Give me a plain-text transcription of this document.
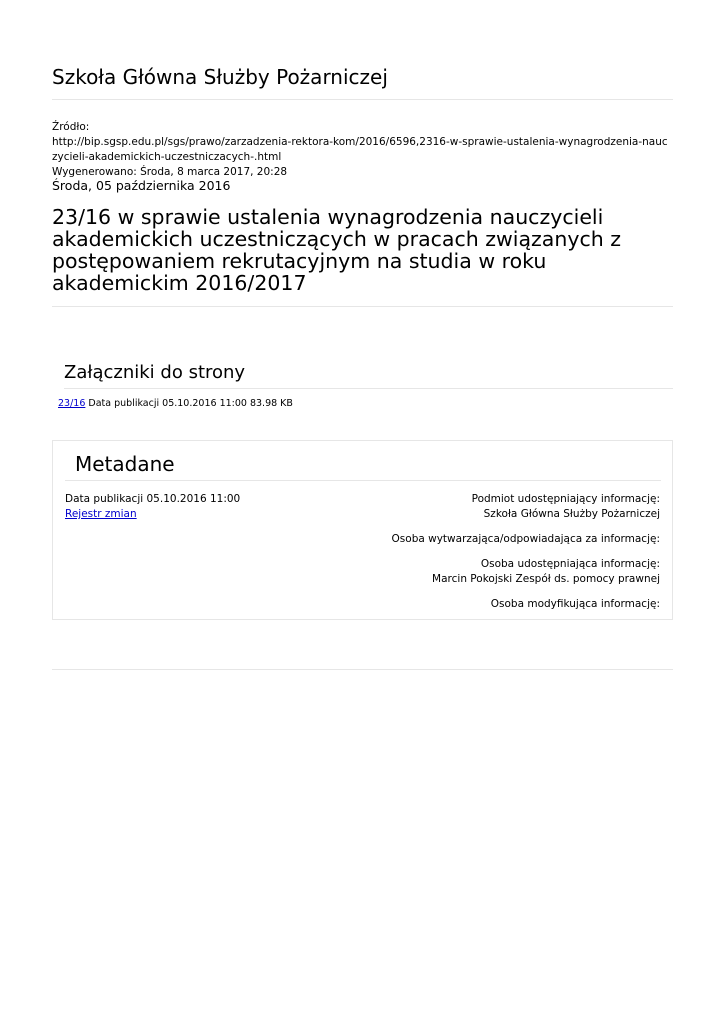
Szkoła Główna Służby Pożarniczej
Źródło:
http://bip.sgsp.edu.pl/sgs/prawo/zarzadzenia-rektora-kom/2016/6596,2316-w-sprawie-ustalenia-wynagrodzenia-nauczycieli-akademickich-uczestniczacych-.html
Wygenerowano: Środa, 8 marca 2017, 20:28
Środa, 05 października 2016
23/16 w sprawie ustalenia wynagrodzenia nauczycieli akademickich uczestniczących w pracach związanych z postępowaniem rekrutacyjnym na studia w roku akademickim 2016/2017
Załączniki do strony
23/16 Data publikacji 05.10.2016 11:00 83.98 KB
Metadane
Data publikacji 05.10.2016 11:00
Rejestr zmian
Podmiot udostępniający informację:
Szkoła Główna Służby Pożarniczej
Osoba wytwarzająca/odpowiadająca za informację:
Osoba udostępniająca informację:
Marcin Pokojski Zespół ds. pomocy prawnej
Osoba modyfikująca informację:
